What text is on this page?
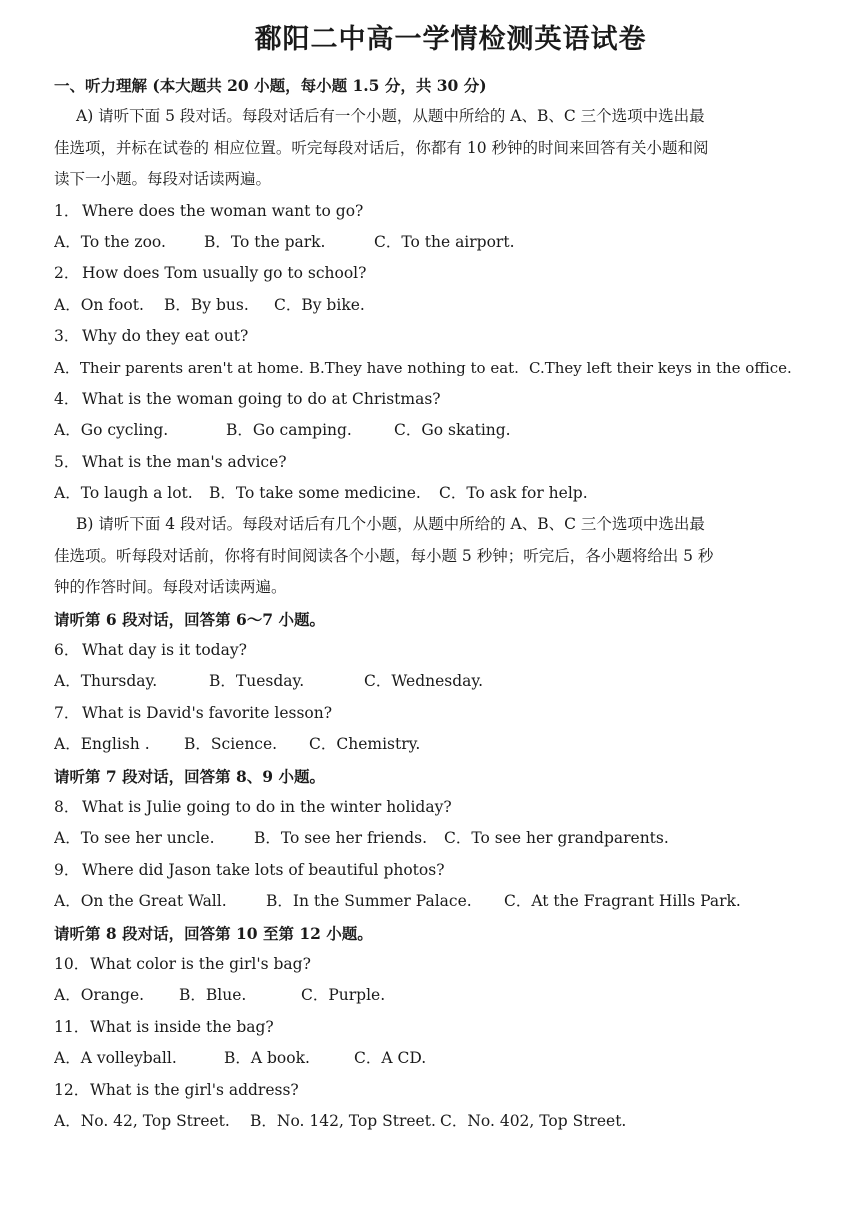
鄱阳二中高一学情检测英语试卷
一、听力理解 (本大题共 20 小题，每小题 1.5 分，共 30 分)
A) 请听下面 5 段对话。每段对话后有一个小题，从题中所给的 A、B、C 三个选项中选出最
佳选项，并标在试卷的 相应位置。听完每段对话后，你都有 10 秒钟的时间来回答有关小题和阅
读下一小题。每段对话读两遍。
1． Where does the woman want to go?
A．To the zoo. B．To the park.	C．To the airport.
2． How does Tom usually go to school?
A．On foot. B．By bus. C．By bike.
3． Why do they eat out?
A．Their parents aren't at home. B.They have nothing to eat. C.They left their keys in the office.
4． What is the woman going to do at Christmas?
A．Go cycling.	B．Go camping.	C．Go skating.
5． What is the man's advice?
A．To laugh a lot. B．To take some medicine. C．To ask for help.
B) 请听下面 4 段对话。每段对话后有几个小题，从题中所给的 A、B、C 三个选项中选出最
佳选项。听每段对话前，你将有时间阅读各个小题，每小题 5 秒钟；听完后，各小题将给出 5 秒
钟的作答时间。每段对话读两遍。
请听第 6 段对话，回答第 6～7 小题。
6． What day is it today?
A．Thursday.	B．Tuesday.	C．Wednesday.
7． What is David's favorite lesson?
A．English . B．Science. C．Chemistry.
请听第 7 段对话，回答第 8、9 小题。
8． What is Julie going to do in the winter holiday?
A．To see her uncle.	B．To see her friends. C．To see her grandparents.
9． Where did Jason take lots of beautiful photos?
A．On the Great Wall.	B．In the Summer Palace. C．At the Fragrant Hills Park.
请听第 8 段对话，回答第 10 至第 12 小题。
10．What color is the girl's bag?
A．Orange. B．Blue.	C．Purple.
11．What is inside the bag?
A．A volleyball.	B．A book.	C．A CD.
12．What is the girl's address?
A．No. 42, Top Street. B．No. 142, Top Street. C．No. 402, Top Street.
